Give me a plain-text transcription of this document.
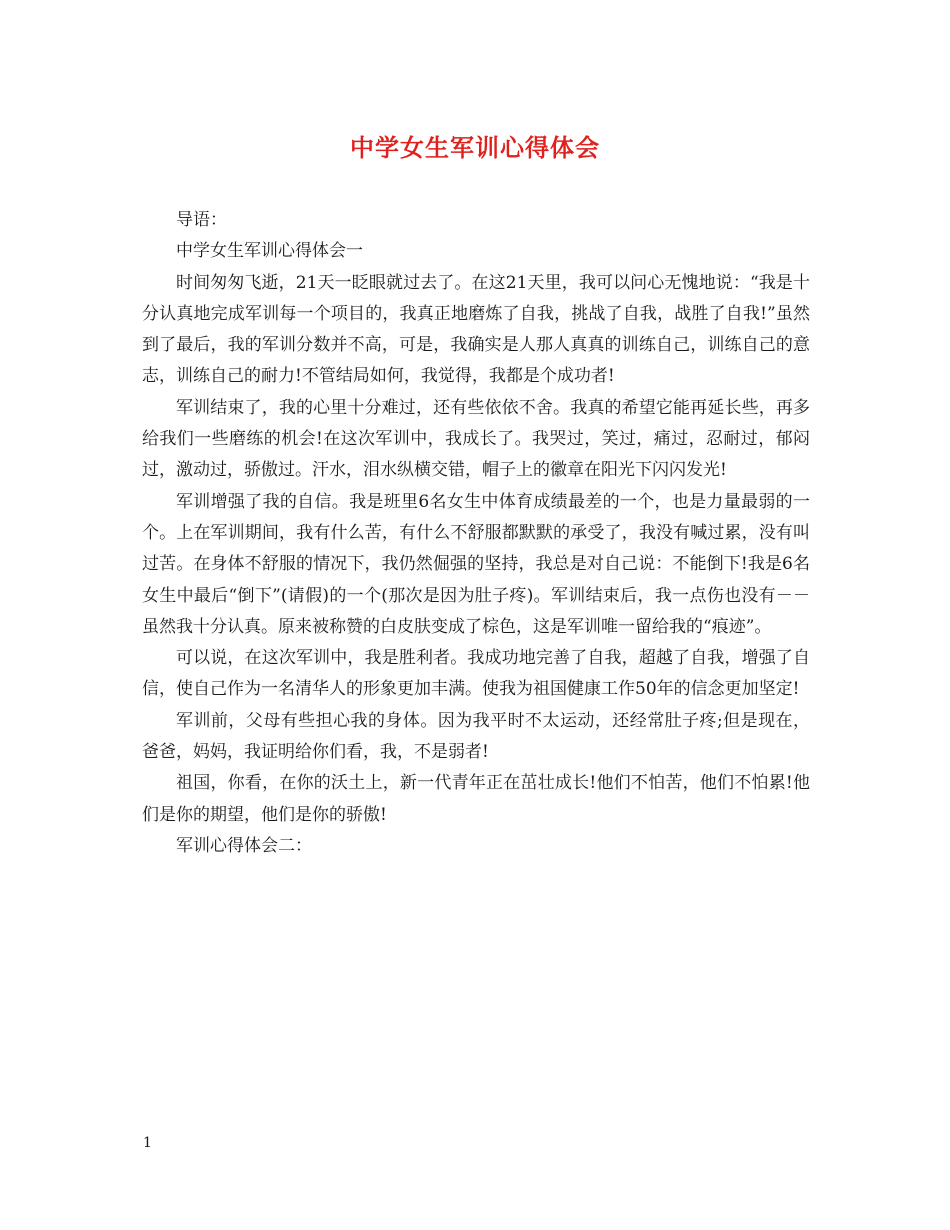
中学女生军训心得体会

导语：

中学女生军训心得体会一

时间匆匆飞逝，21天一眨眼就过去了。在这21天里，我可以问心无愧地说：“我是十分认真地完成军训每一个项目的，我真正地磨炼了自我，挑战了自我，战胜了自我!”虽然到了最后，我的军训分数并不高，可是，我确实是人那人真真的训练自己，训练自己的意志，训练自己的耐力!不管结局如何，我觉得，我都是个成功者!

军训结束了，我的心里十分难过，还有些依依不舍。我真的希望它能再延长些，再多给我们一些磨练的机会!在这次军训中，我成长了。我哭过，笑过，痛过，忍耐过，郁闷过，激动过，骄傲过。汗水，泪水纵横交错，帽子上的徽章在阳光下闪闪发光!

军训增强了我的自信。我是班里6名女生中体育成绩最差的一个，也是力量最弱的一个。上在军训期间，我有什么苦，有什么不舒服都默默的承受了，我没有喊过累，没有叫过苦。在身体不舒服的情况下，我仍然倔强的坚持，我总是对自己说：不能倒下!我是6名女生中最后“倒下”(请假)的一个(那次是因为肚子疼)。军训结束后，我一点伤也没有－－虽然我十分认真。原来被称赞的白皮肤变成了棕色，这是军训唯一留给我的“痕迹”。

可以说，在这次军训中，我是胜利者。我成功地完善了自我，超越了自我，增强了自信，使自己作为一名清华人的形象更加丰满。使我为祖国健康工作50年的信念更加坚定!

军训前，父母有些担心我的身体。因为我平时不太运动，还经常肚子疼;但是现在，爸爸，妈妈，我证明给你们看，我，不是弱者!

祖国，你看，在你的沃土上，新一代青年正在茁壮成长!他们不怕苦，他们不怕累!他们是你的期望，他们是你的骄傲!

军训心得体会二：

1
